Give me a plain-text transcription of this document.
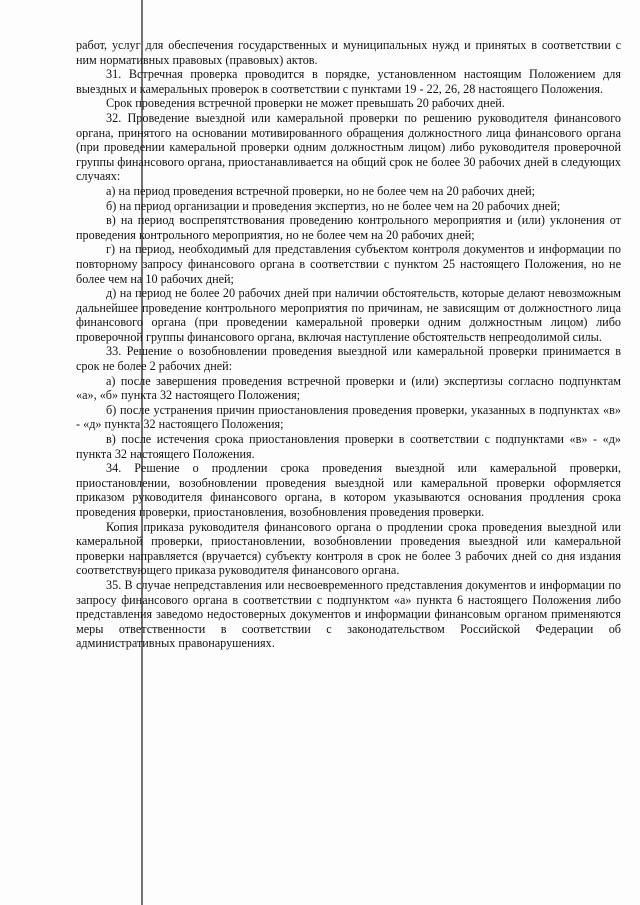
работ, услуг для обеспечения государственных и муниципальных нужд и принятых в соответствии с ним нормативных правовых (правовых) актов.

31. Встречная проверка проводится в порядке, установленном настоящим Положением для выездных и камеральных проверок в соответствии с пунктами 19 - 22, 26, 28 настоящего Положения.

Срок проведения встречной проверки не может превышать 20 рабочих дней.

32. Проведение выездной или камеральной проверки по решению руководителя финансового органа, принятого на основании мотивированного обращения должностного лица финансового органа (при проведении камеральной проверки одним должностным лицом) либо руководителя проверочной группы финансового органа, приостанавливается на общий срок не более 30 рабочих дней в следующих случаях:

а) на период проведения встречной проверки, но не более чем на 20 рабочих дней;

б) на период организации и проведения экспертиз, но не более чем на 20 рабочих дней;

в) на период воспрепятствования проведению контрольного мероприятия и (или) уклонения от проведения контрольного мероприятия, но не более чем на 20 рабочих дней;

г) на период, необходимый для представления субъектом контроля документов и информации по повторному запросу финансового органа в соответствии с пунктом 25 настоящего Положения, но не более чем на 10 рабочих дней;

д) на период не более 20 рабочих дней при наличии обстоятельств, которые делают невозможным дальнейшее проведение контрольного мероприятия по причинам, не зависящим от должностного лица финансового органа (при проведении камеральной проверки одним должностным лицом) либо проверочной группы финансового органа, включая наступление обстоятельств непреодолимой силы.

33. Решение о возобновлении проведения выездной или камеральной проверки принимается в срок не более 2 рабочих дней:

а) после завершения проведения встречной проверки и (или) экспертизы согласно подпунктам «а», «б» пункта 32 настоящего Положения;

б) после устранения причин приостановления проведения проверки, указанных в подпунктах «в» - «д» пункта 32 настоящего Положения;

в) после истечения срока приостановления проверки в соответствии с подпунктами «в» - «д» пункта 32 настоящего Положения.

34. Решение о продлении срока проведения выездной или камеральной проверки, приостановлении, возобновлении проведения выездной или камеральной проверки оформляется приказом руководителя финансового органа, в котором указываются основания продления срока проведения проверки, приостановления, возобновления проведения проверки.

Копия приказа руководителя финансового органа о продлении срока проведения выездной или камеральной проверки, приостановлении, возобновлении проведения выездной или камеральной проверки направляется (вручается) субъекту контроля в срок не более 3 рабочих дней со дня издания соответствующего приказа руководителя финансового органа.

35. В случае непредставления или несвоевременного представления документов и информации по запросу финансового органа в соответствии с подпунктом «а» пункта 6 настоящего Положения либо представления заведомо недостоверных документов и информации финансовым органом применяются меры ответственности в соответствии с законодательством Российской Федерации об административных правонарушениях.
